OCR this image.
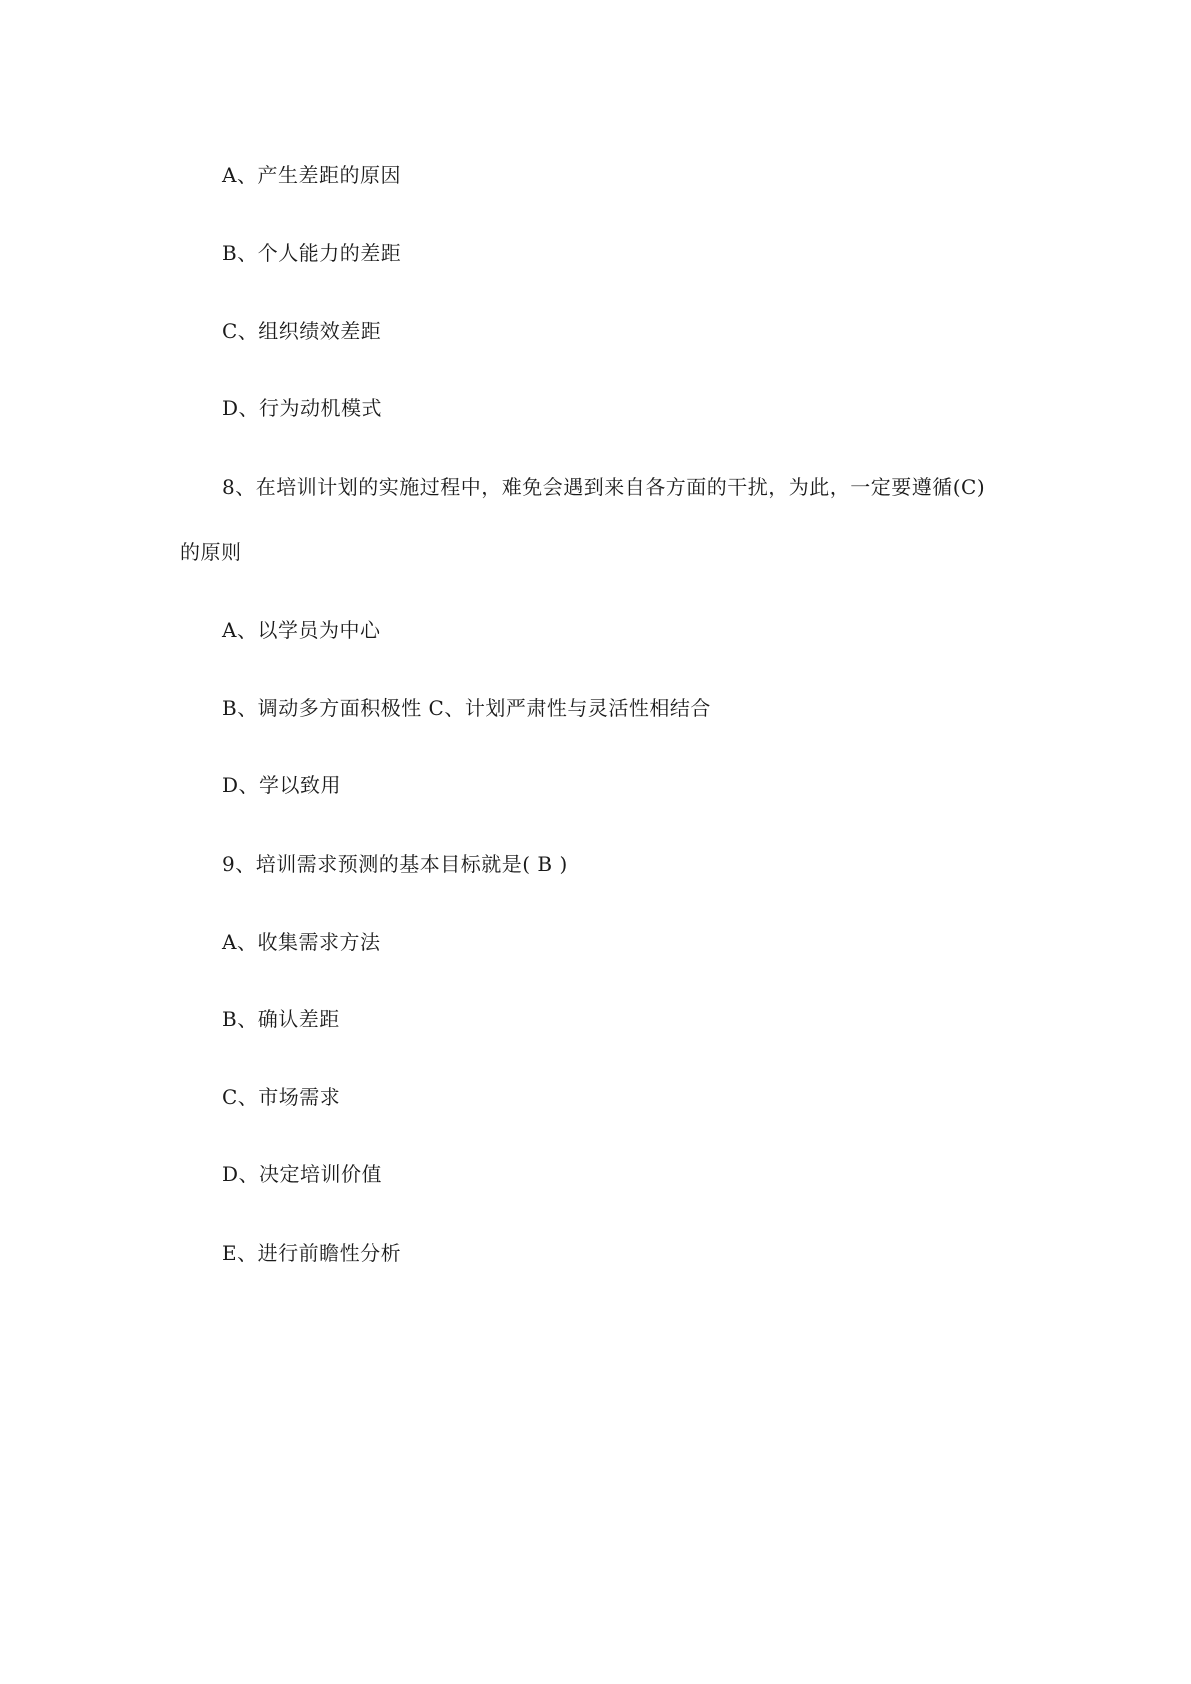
A、产生差距的原因
B、个人能力的差距
C、组织绩效差距
D、行为动机模式
8、在培训计划的实施过程中，难免会遇到来自各方面的干扰，为此，一定要遵循(C)
的原则
A、以学员为中心
B、调动多方面积极性 C、计划严肃性与灵活性相结合
D、学以致用
9、培训需求预测的基本目标就是( B )
A、收集需求方法
B、确认差距
C、市场需求
D、决定培训价值
E、进行前瞻性分析
